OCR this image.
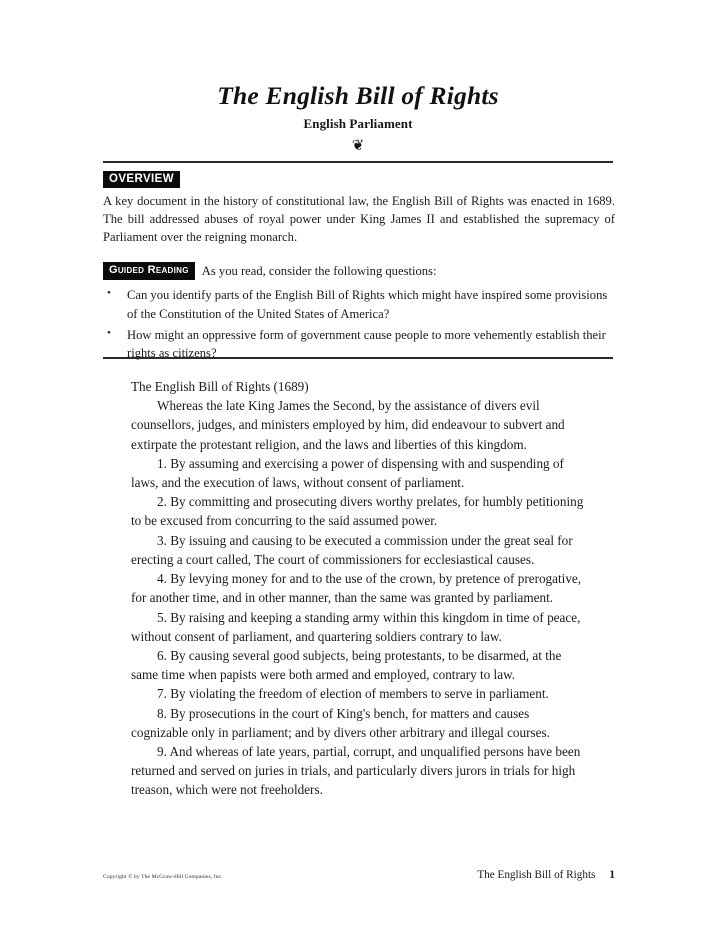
The English Bill of Rights
English Parliament
❦
OVERVIEW

A key document in the history of constitutional law, the English Bill of Rights was enacted in 1689. The bill addressed abuses of royal power under King James II and established the supremacy of Parliament over the reigning monarch.

Guided Reading As you read, consider the following questions:
• Can you identify parts of the English Bill of Rights which might have inspired some provisions of the Constitution of the United States of America?
• How might an oppressive form of government cause people to more vehemently establish their rights as citizens?

The English Bill of Rights (1689)

Whereas the late King James the Second, by the assistance of divers evil counsellors, judges, and ministers employed by him, did endeavour to subvert and extirpate the protestant religion, and the laws and liberties of this kingdom.

1. By assuming and exercising a power of dispensing with and suspending of laws, and the execution of laws, without consent of parliament.

2. By committing and prosecuting divers worthy prelates, for humbly petitioning to be excused from concurring to the said assumed power.

3. By issuing and causing to be executed a commission under the great seal for erecting a court called, The court of commissioners for ecclesiastical causes.

4. By levying money for and to the use of the crown, by pretence of prerogative, for another time, and in other manner, than the same was granted by parliament.

5. By raising and keeping a standing army within this kingdom in time of peace, without consent of parliament, and quartering soldiers contrary to law.

6. By causing several good subjects, being protestants, to be disarmed, at the same time when papists were both armed and employed, contrary to law.

7. By violating the freedom of election of members to serve in parliament.

8. By prosecutions in the court of King's bench, for matters and causes cognizable only in parliament; and by divers other arbitrary and illegal courses.

9. And whereas of late years, partial, corrupt, and unqualified persons have been returned and served on juries in trials, and particularly divers jurors in trials for high treason, which were not freeholders.

Copyright © by The McGraw-Hill Companies, Inc.	The English Bill of Rights 1
